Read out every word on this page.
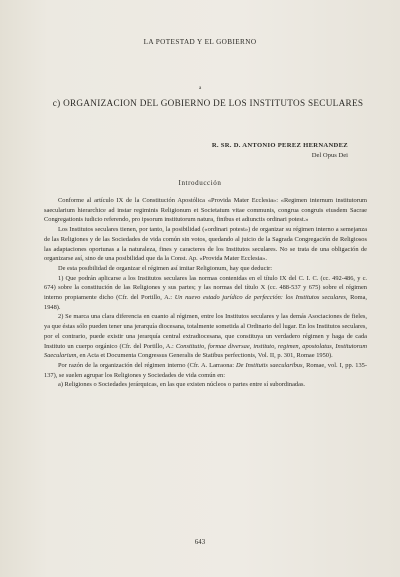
LA POTESTAD Y EL GOBIERNO
a
c) ORGANIZACION DEL GOBIERNO DE LOS INSTITUTOS SECULARES
R. SR. D. ANTONIO PEREZ HERNANDEZ
Del Opus Dei
Introducción

Conforme al artículo IX de la Constitución Apostólica «Provida Mater Ecclesia»: «Regimen internum institutorum saecularium hierarchice ad instar regiminis Religionum et Societatum vitae communis, congrua congruis eiusdem Sacrae Congregationis iudicio referendo, pro ipsorum institutorum natura, finibus et adiunctis ordinari potest.»

Los Institutos seculares tienen, por tanto, la posibilidad («ordinari potest») de organizar su régimen interno a semejanza de las Religiones y de las Sociedades de vida común sin votos, quedando al juicio de la Sagrada Congregación de Religiosos las adaptaciones oportunas a la naturaleza, fines y caracteres de los Institutos seculares. No se trata de una obligación de organizarse así, sino de una posibilidad que da la Const. Ap. «Provida Mater Ecclesia».

De esta posibilidad de organizar el régimen así imitar Religionum, hay que deducir:

1) Que podrán aplicarse a los Institutos seculares las normas contenidas en el título IX del C. I. C. (cc. 492-486, y c. 674) sobre la constitución de las Religiones y sus partes; y las normas del título X (cc. 488-537 y 675) sobre el régimen interno propiamente dicho (Cfr. del Portillo, A.: Un nuevo estado jurídico de perfección: los Institutos seculares, Roma, 1948).

2) Se marca una clara diferencia en cuanto al régimen, entre los Institutos seculares y las demás Asociaciones de fieles, ya que éstas sólo pueden tener una jerarquía diocesana, totalmente sometida al Ordinario del lugar. En los Institutos seculares, por el contrario, puede existir una jerarquía central extradiocesana, que constituya un verdadero régimen y haga de cada Instituto un cuerpo orgánico (Cfr. del Portillo, A.: Constitutio, formae diversae, instituto, regimen, apostolatus, Institutorum Saecularium, en Acta et Documenta Congressus Generalis de Statibus perfectionis, Vol. II, p. 301, Romae 1950).

Por razón de la organización del régimen interno (Cfr. A. Larraona: De Institutis saecularibus, Romae, vol. I, pp. 135-137), se suelen agrupar los Religiones y Sociedades de vida común en:

a) Religiones o Sociedades jerárquicas, en las que existen núcleos o partes entre sí subordinadas.

643
